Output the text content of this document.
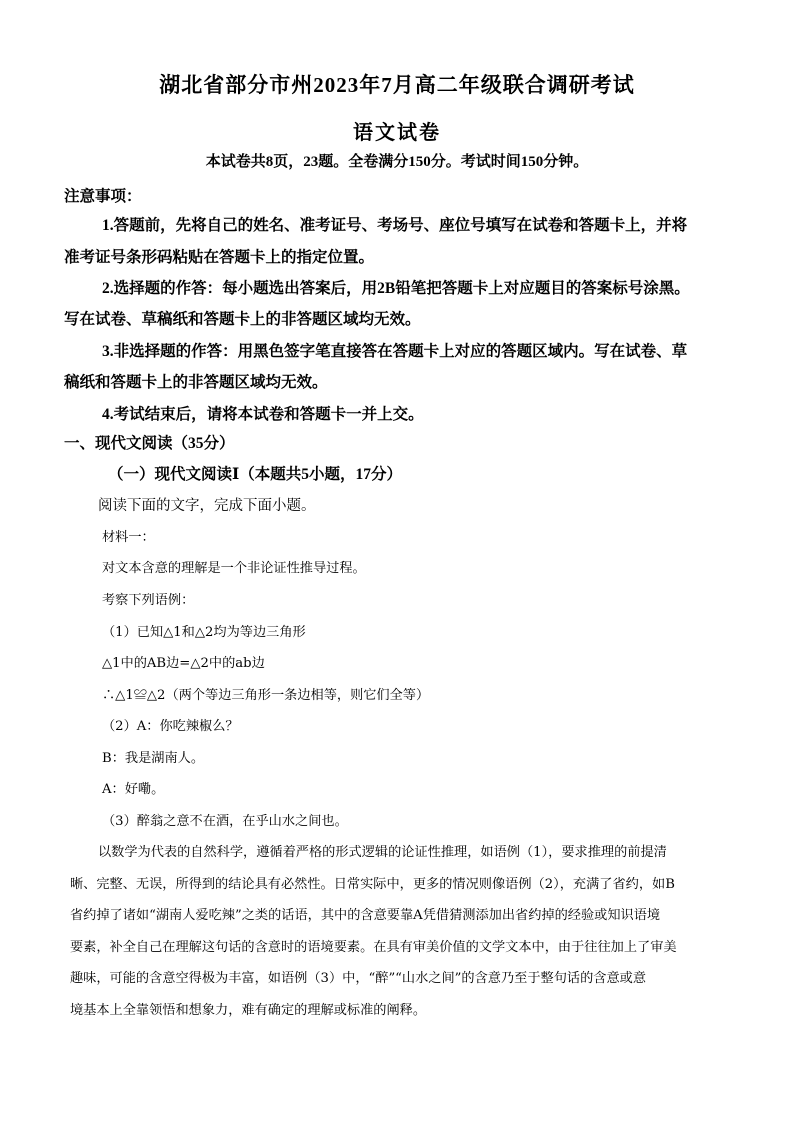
湖北省部分市州2023年7月高二年级联合调研考试
语文试卷
本试卷共8页，23题。全卷满分150分。考试时间150分钟。
注意事项：
1.答题前，先将自己的姓名、准考证号、考场号、座位号填写在试卷和答题卡上，并将
准考证号条形码粘贴在答题卡上的指定位置。
2.选择题的作答：每小题选出答案后，用2B铅笔把答题卡上对应题目的答案标号涂黑。
写在试卷、草稿纸和答题卡上的非答题区域均无效。
3.非选择题的作答：用黑色签字笔直接答在答题卡上对应的答题区域内。写在试卷、草
稿纸和答题卡上的非答题区域均无效。
4.考试结束后，请将本试卷和答题卡一并上交。
一、现代文阅读（35分）
（一）现代文阅读Ⅰ（本题共5小题，17分）
阅读下面的文字，完成下面小题。
材料一：
对文本含意的理解是一个非论证性推导过程。
考察下列语例：
（1）已知△1和△2均为等边三角形
△1中的AB边=△2中的ab边
∴△1≌△2（两个等边三角形一条边相等，则它们全等）
（2）A：你吃辣椒么？
B：我是湖南人。
A：好嘞。
（3）醉翁之意不在酒，在乎山水之间也。
以数学为代表的自然科学，遵循着严格的形式逻辑的论证性推理，如语例（1），要求推理的前提清
晰、完整、无误，所得到的结论具有必然性。日常实际中，更多的情况则像语例（2），充满了省约，如B
省约掉了诸如“湖南人爱吃辣”之类的话语，其中的含意要靠A凭借猜测添加出省约掉的经验或知识语境
要素，补全自己在理解这句话的含意时的语境要素。在具有审美价值的文学文本中，由于往往加上了审美
趣味，可能的含意空得极为丰富，如语例（3）中，“醉”“山水之间”的含意乃至于整句话的含意或意
境基本上全靠领悟和想象力，难有确定的理解或标准的阐释。
